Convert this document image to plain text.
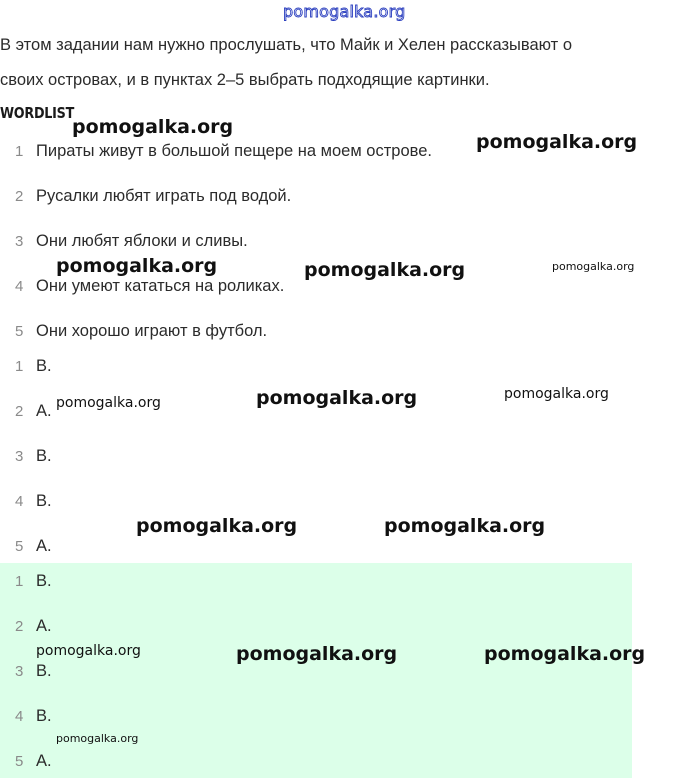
pomogalka.org
В этом задании нам нужно прослушать, что Майк и Хелен рассказывают о
своих островах, и в пунктах 2–5 выбрать подходящие картинки.
WORDLIST
1 Пираты живут в большой пещере на моем острове.
2 Русалки любят играть под водой.
3 Они любят яблоки и сливы.
4 Они умеют кататься на роликах.
5 Они хорошо играют в футбол.
1 B.
2 A.
3 B.
4 B.
5 A.
1 B.
2 A.
3 B.
4 B.
5 A.
pomogalka.org
pomogalka.org
pomogalka.org	pomogalka.org	pomogalka.org
pomogalka.org	pomogalka.org	pomogalka.org
pomogalka.org	pomogalka.org
pomogalka.org	pomogalka.org	pomogalka.org
pomogalka.org
